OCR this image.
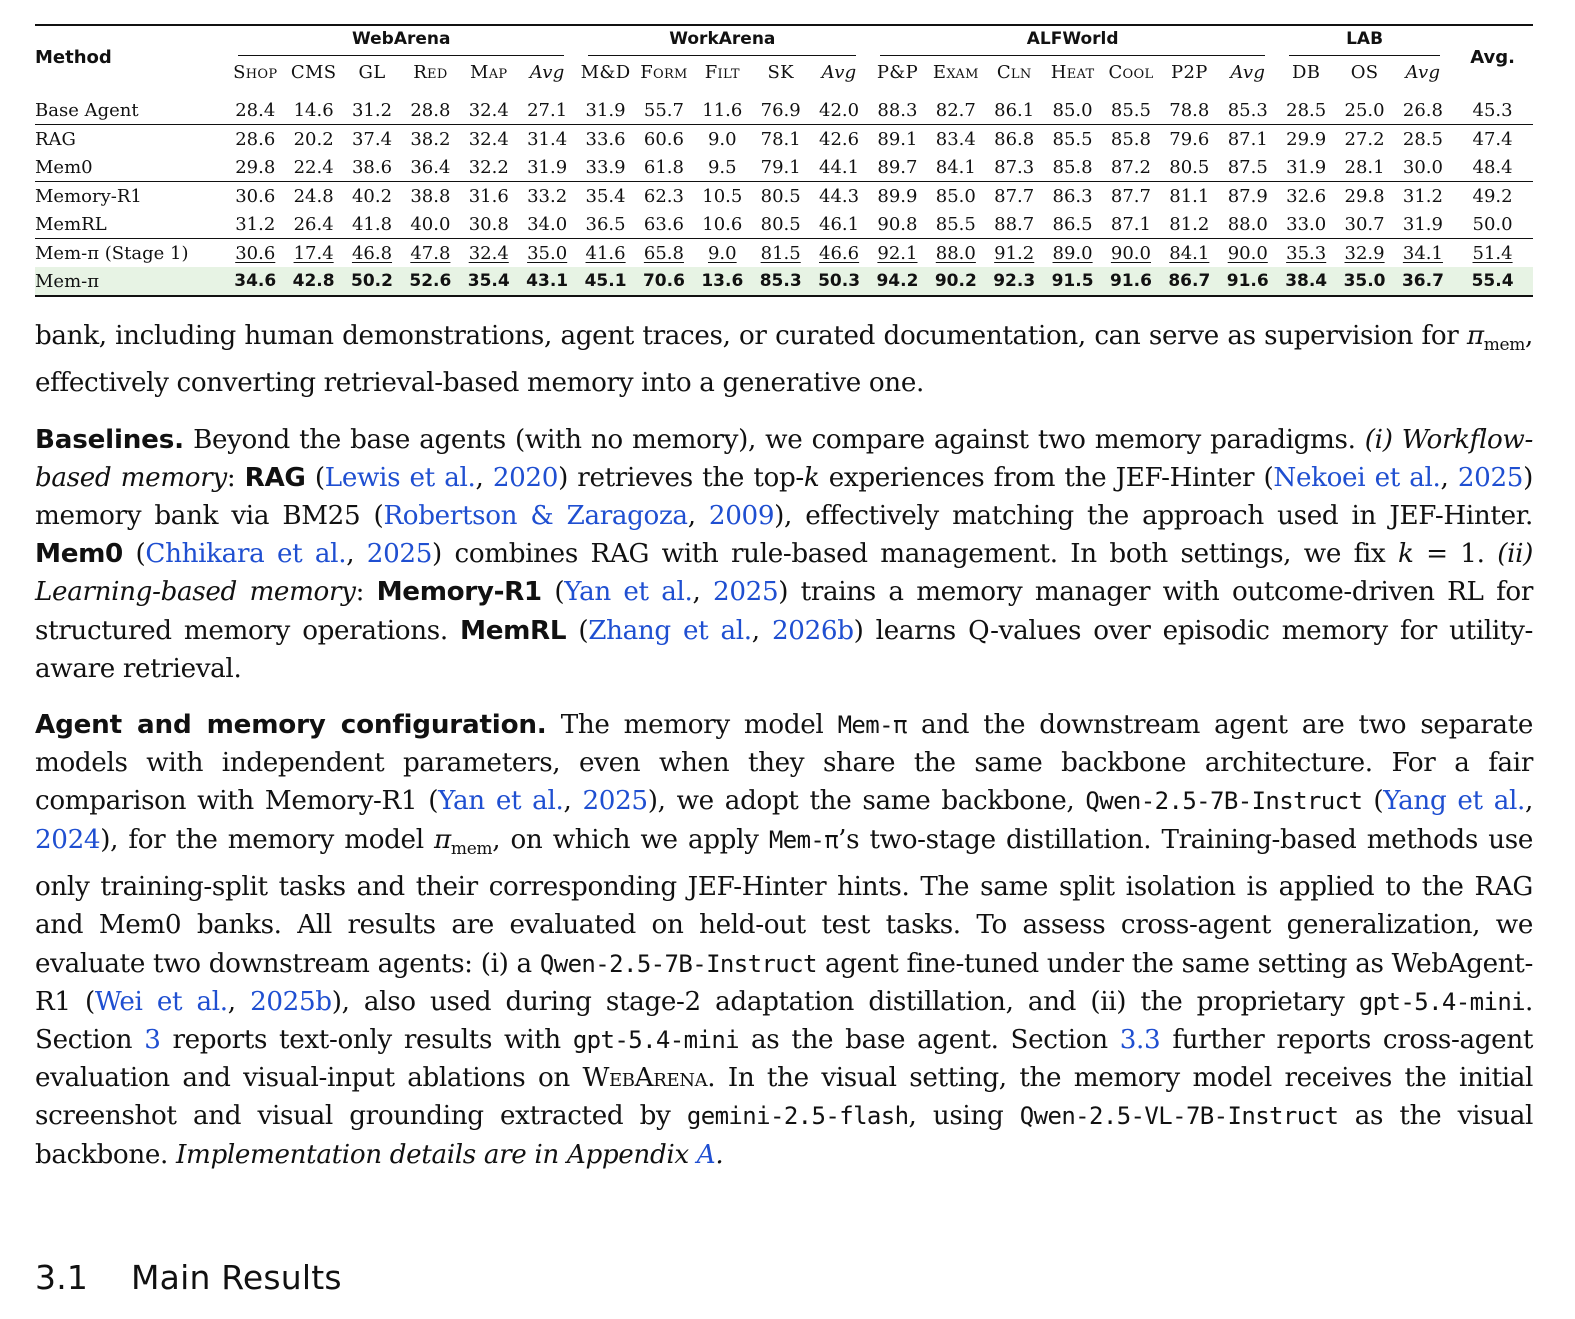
Method	WebArena						WorkArena					ALFWorld							LAB			Avg.
	Shop	CMS	GL	Red	Map	Avg	M&D	Form	Filt	SK	Avg	P&P	Exam	Cln	Heat	Cool	P2P	Avg	DB	OS	Avg	
Base Agent	28.4	14.6	31.2	28.8	32.4	27.1	31.9	55.7	11.6	76.9	42.0	88.3	82.7	86.1	85.0	85.5	78.8	85.3	28.5	25.0	26.8	45.3
RAG	28.6	20.2	37.4	38.2	32.4	31.4	33.6	60.6	9.0	78.1	42.6	89.1	83.4	86.8	85.5	85.8	79.6	87.1	29.9	27.2	28.5	47.4
Mem0	29.8	22.4	38.6	36.4	32.2	31.9	33.9	61.8	9.5	79.1	44.1	89.7	84.1	87.3	85.8	87.2	80.5	87.5	31.9	28.1	30.0	48.4
Memory-R1	30.6	24.8	40.2	38.8	31.6	33.2	35.4	62.3	10.5	80.5	44.3	89.9	85.0	87.7	86.3	87.7	81.1	87.9	32.6	29.8	31.2	49.2
MemRL	31.2	26.4	41.8	40.0	30.8	34.0	36.5	63.6	10.6	80.5	46.1	90.8	85.5	88.7	86.5	87.1	81.2	88.0	33.0	30.7	31.9	50.0
Mem-π (Stage 1)	30.6	17.4	46.8	47.8	32.4	35.0	41.6	65.8	9.0	81.5	46.6	92.1	88.0	91.2	89.0	90.0	84.1	90.0	35.3	32.9	34.1	51.4
Mem-π	34.6	42.8	50.2	52.6	35.4	43.1	45.1	70.6	13.6	85.3	50.3	94.2	90.2	92.3	91.5	91.6	86.7	91.6	38.4	35.0	36.7	55.4

bank, including human demonstrations, agent traces, or curated documentation, can serve as supervision for $\pi_{mem}$, effectively converting retrieval-based memory into a generative one.

Baselines. Beyond the base agents (with no memory), we compare against two memory paradigms. (i) Workflow-based memory: RAG (Lewis et al., 2020) retrieves the top-k experiences from the JEF-Hinter (Nekoei et al., 2025) memory bank via BM25 (Robertson & Zaragoza, 2009), effectively matching the approach used in JEF-Hinter. Mem0 (Chhikara et al., 2025) combines RAG with rule-based management. In both settings, we fix k = 1. (ii) Learning-based memory: Memory-R1 (Yan et al., 2025) trains a memory manager with outcome-driven RL for structured memory operations. MemRL (Zhang et al., 2026b) learns Q-values over episodic memory for utility-aware retrieval.

Agent and memory configuration. The memory model Mem-π and the downstream agent are two separate models with independent parameters, even when they share the same backbone architecture. For a fair comparison with Memory-R1 (Yan et al., 2025), we adopt the same backbone, Qwen-2.5-7B-Instruct (Yang et al., 2024), for the memory model $\pi_{mem}$, on which we apply Mem-π’s two-stage distillation. Training-based methods use only training-split tasks and their corresponding JEF-Hinter hints. The same split isolation is applied to the RAG and Mem0 banks. All results are evaluated on held-out test tasks. To assess cross-agent generalization, we evaluate two downstream agents: (i) a Qwen-2.5-7B-Instruct agent fine-tuned under the same setting as WebAgent-R1 (Wei et al., 2025b), also used during stage-2 adaptation distillation, and (ii) the proprietary gpt-5.4-mini. Section 3 reports text-only results with gpt-5.4-mini as the base agent. Section 3.3 further reports cross-agent evaluation and visual-input ablations on WebArena. In the visual setting, the memory model receives the initial screenshot and visual grounding extracted by gemini-2.5-flash, using Qwen-2.5-VL-7B-Instruct as the visual backbone. Implementation details are in Appendix A.

3.1 Main Results
